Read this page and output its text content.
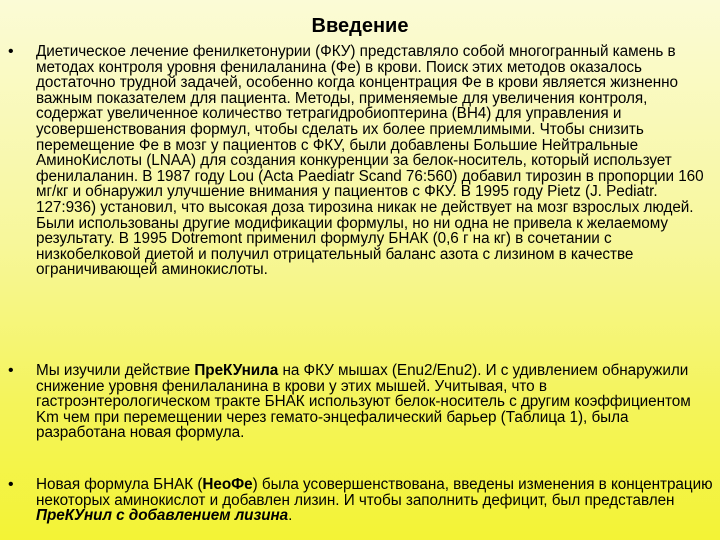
Введение
• Диетическое лечение фенилкетонурии (ФКУ) представляло собой многогранный камень в методах контроля уровня фенилаланина (Фе) в крови. Поиск этих методов оказалось достаточно трудной задачей, особенно когда концентрация Фе в крови является жизненно важным показателем для пациента. Методы, применяемые для увеличения контроля, содержат увеличенное количество тетрагидробиоптерина (BH4) для управления и усовершенствования формул, чтобы сделать их более приемлимыми. Чтобы снизить перемещение Фе в мозг у пациентов с ФКУ, были добавлены Большие Нейтральные АминоКислоты (LNAA) для создания конкуренции за белок-носитель, который использует фенилаланин. В 1987 году Lou (Acta Paediatr Scand 76:560) добавил тирозин в пропорции 160 мг/кг и обнаружил улучшение внимания у пациентов с ФКУ. В 1995 году Pietz (J. Pediatr. 127:936) установил, что высокая доза тирозина никак не действует на мозг взрослых людей. Были использованы другие модификации формулы, но ни одна не привела к желаемому результату. В 1995 Dotremont применил формулу БНАК (0,6 г на кг) в сочетании с низкобелковой диетой и получил отрицательный баланс азота с лизином в качестве ограничивающей аминокислоты.
• Мы изучили действие ПреКУнила на ФКУ мышах (Enu2/Enu2). И с удивлением обнаружили снижение уровня фенилаланина в крови у этих мышей. Учитывая, что в гастроэнтерологическом тракте БНАК используют белок-носитель с другим коэффициентом Km чем при перемещении через гемато-энцефалический барьер (Таблица 1), была разработана новая формула.
• Новая формула БНАК (НеоФе) была усовершенствована, введены изменения в концентрацию некоторых аминокислот и добавлен лизин. И чтобы заполнить дефицит, был представлен ПреКУнил с добавлением лизина.
